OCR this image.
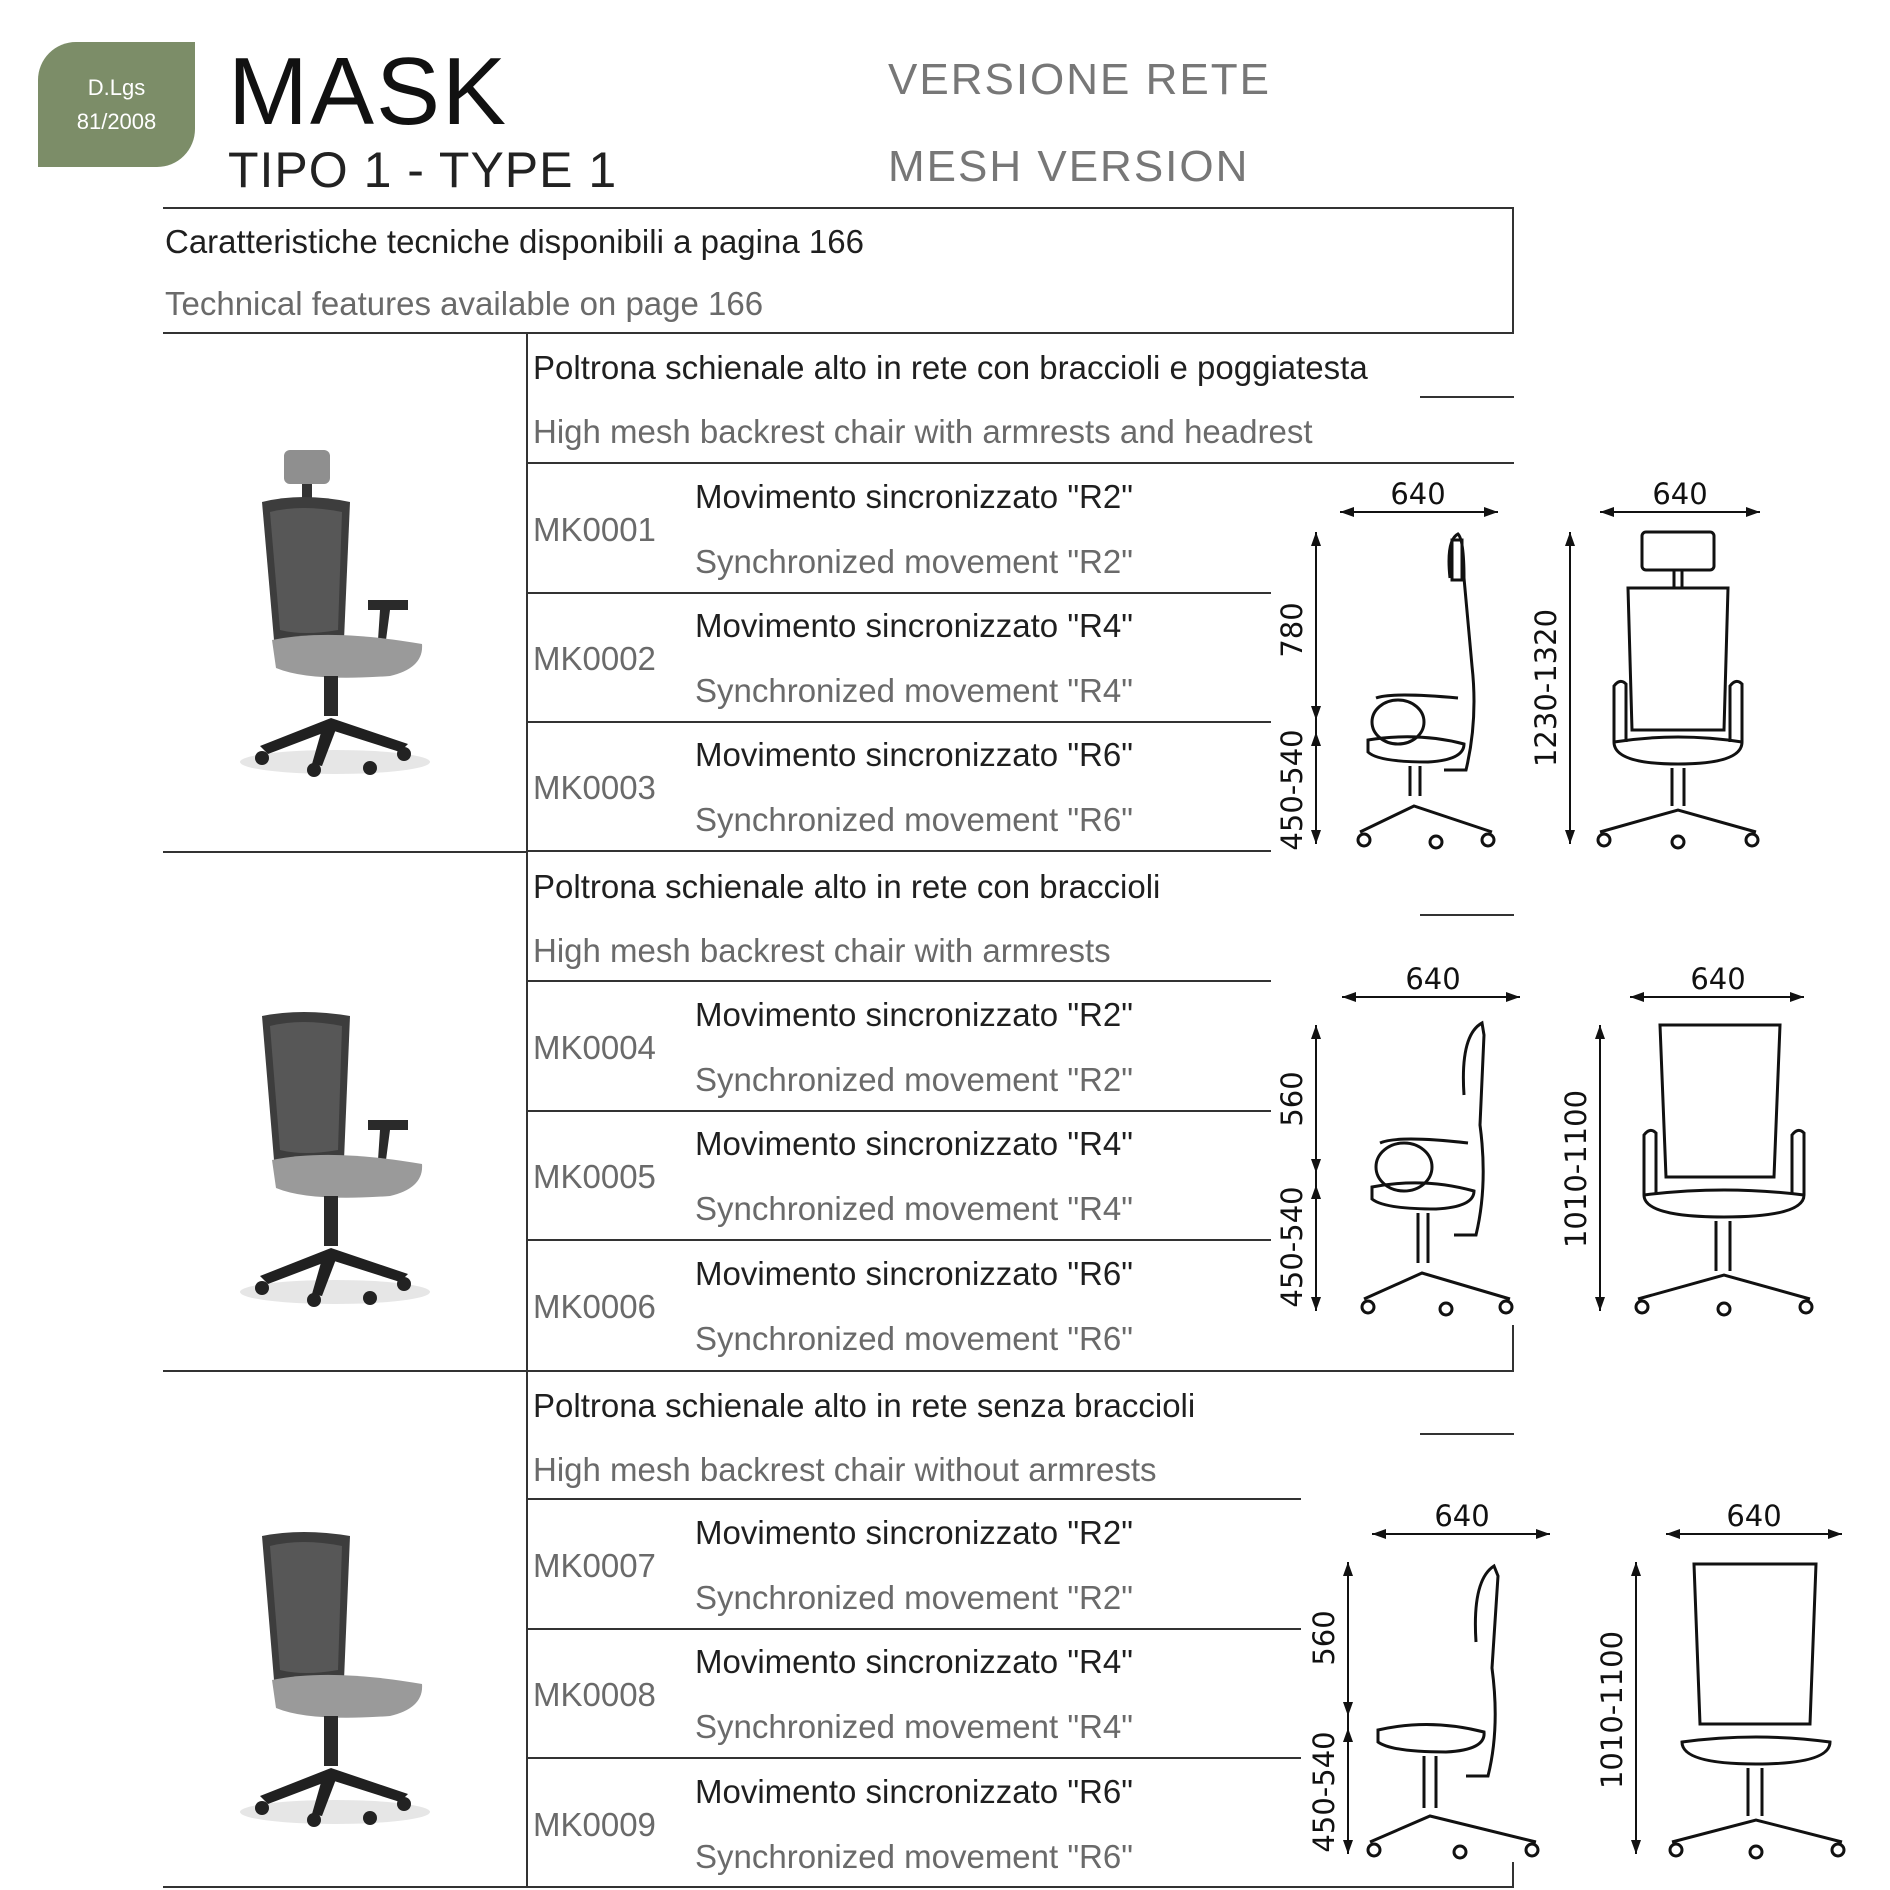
D.Lgs
81/2008 MASK
TIPO 1 - TYPE 1
VERSIONE RETE
MESH VERSION
Caratteristiche tecniche disponibili a pagina 166
Technical features available on page 166
Poltrona schienale alto in rete con braccioli e poggiatesta
High mesh backrest chair with armrests and headrest
MK0001
Movimento sincronizzato "R2"
Synchronized movement "R2"
MK0002
Movimento sincronizzato "R4"
Synchronized movement "R4"
MK0003
Movimento sincronizzato "R6"
Synchronized movement "R6"
640
780
450-540
640
1230-1320
Poltrona schienale alto in rete con braccioli
High mesh backrest chair with armrests
MK0004
Movimento sincronizzato "R2"
Synchronized movement "R2"
MK0005
Movimento sincronizzato "R4"
Synchronized movement "R4"
MK0006
Movimento sincronizzato "R6"
Synchronized movement "R6"
640
560
450-540
640
1010-1100
Poltrona schienale alto in rete senza braccioli
High mesh backrest chair without armrests
MK0007
Movimento sincronizzato "R2"
Synchronized movement "R2"
MK0008
Movimento sincronizzato "R4"
Synchronized movement "R4"
MK0009
Movimento sincronizzato "R6"
Synchronized movement "R6"
640
560
450-540
640
1010-1100
